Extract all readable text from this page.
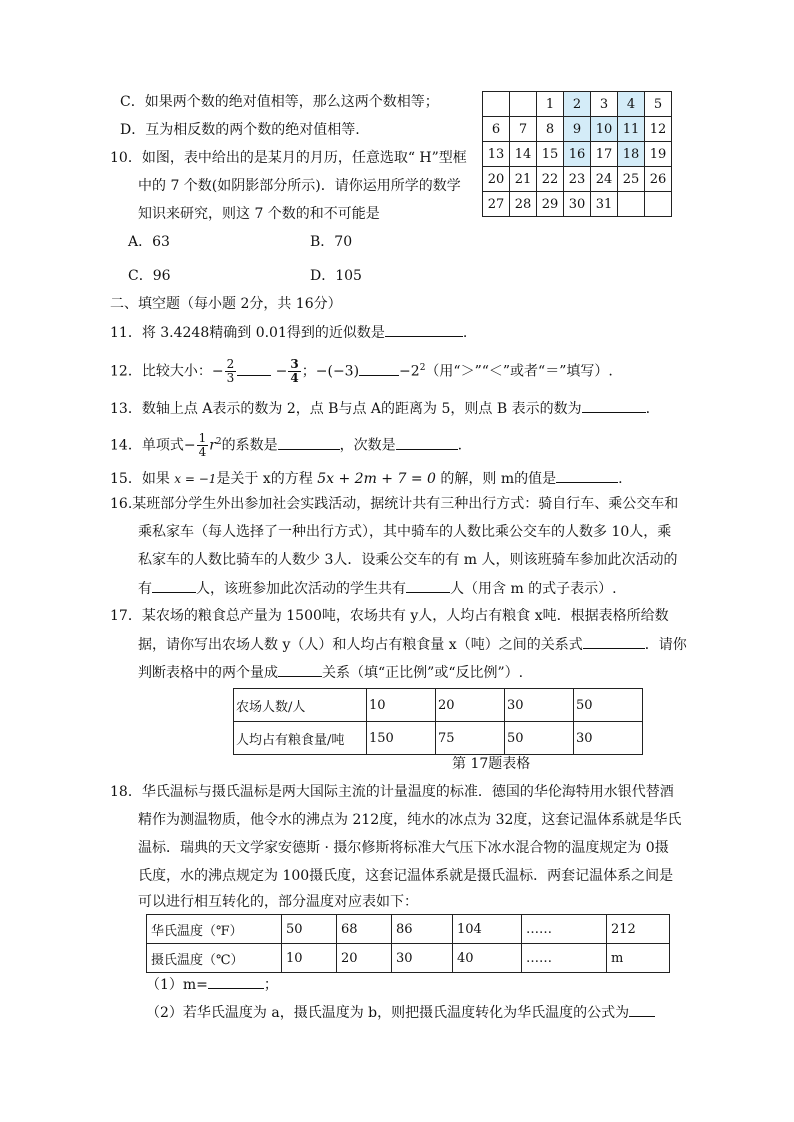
C．如果两个数的绝对值相等，那么这两个数相等；
D．互为相反数的两个数的绝对值相等.
10．如图，表中给出的是某月的月历，任意选取“ H”型框
中的 7 个数(如阴影部分所示)．请你运用所学的数学
知识来研究，则这 7 个数的和不可能是
A．63	B．70
C．96	D．105
		1	2	3	4	5
6	7	8	9	10	11	12
13	14	15	16	17	18	19
20	21	22	23	24	25	26
27	28	29	30	31		
二、填空题（每小题 2分，共 16分）
11．将 3.4248精确到 0.01得到的近似数是	.
12．比较大小：− $\frac{2}{3}$	− $\frac{3}{4}$ ；−(−3)	$-2^2$（用“＞”“＜”或者“＝”填写）.
13．数轴上点 A表示的数为 2，点 B与点 A的距离为 5，则点 B 表示的数为	.
14．单项式− $\frac{1}{4} r^2$的系数是	，次数是	.
15．如果 x = −1是关于 x的方程 5x + 2m + 7 = 0 的解，则 m的值是	.
16.某班部分学生外出参加社会实践活动，据统计共有三种出行方式：骑自行车、乘公交车和
乘私家车（每人选择了一种出行方式），其中骑车的人数比乘公交车的人数多 10人，乘
私家车的人数比骑车的人数少 3人．设乘公交车的有 m 人，则该班骑车参加此次活动的
有	人，该班参加此次活动的学生共有	人（用含 m 的式子表示）.
17．某农场的粮食总产量为 1500吨，农场共有 y人，人均占有粮食 x吨．根据表格所给数
据，请你写出农场人数 y（人）和人均占有粮食量 x（吨）之间的关系式	．请你
判断表格中的两个量成	关系（填“正比例”或“反比例”）.
农场人数/人	10	20	30	50
人均占有粮食量/吨	150	75	50	30
第 17题表格
18．华氏温标与摄氏温标是两大国际主流的计量温度的标准．德国的华伦海特用水银代替酒
精作为测温物质，他令水的沸点为 212度，纯水的冰点为 32度，这套记温体系就是华氏
温标．瑞典的天文学家安德斯 · 摄尔修斯将标准大气压下冰水混合物的温度规定为 0摄
氏度，水的沸点规定为 100摄氏度，这套记温体系就是摄氏温标．两套记温体系之间是
可以进行相互转化的，部分温度对应表如下：
华氏温度（℉）	50	68	86	104	……	212
摄氏温度（℃）	10	20	30	40	……	m
（1）m=	；
（2）若华氏温度为 a，摄氏温度为 b，则把摄氏温度转化为华氏温度的公式为
